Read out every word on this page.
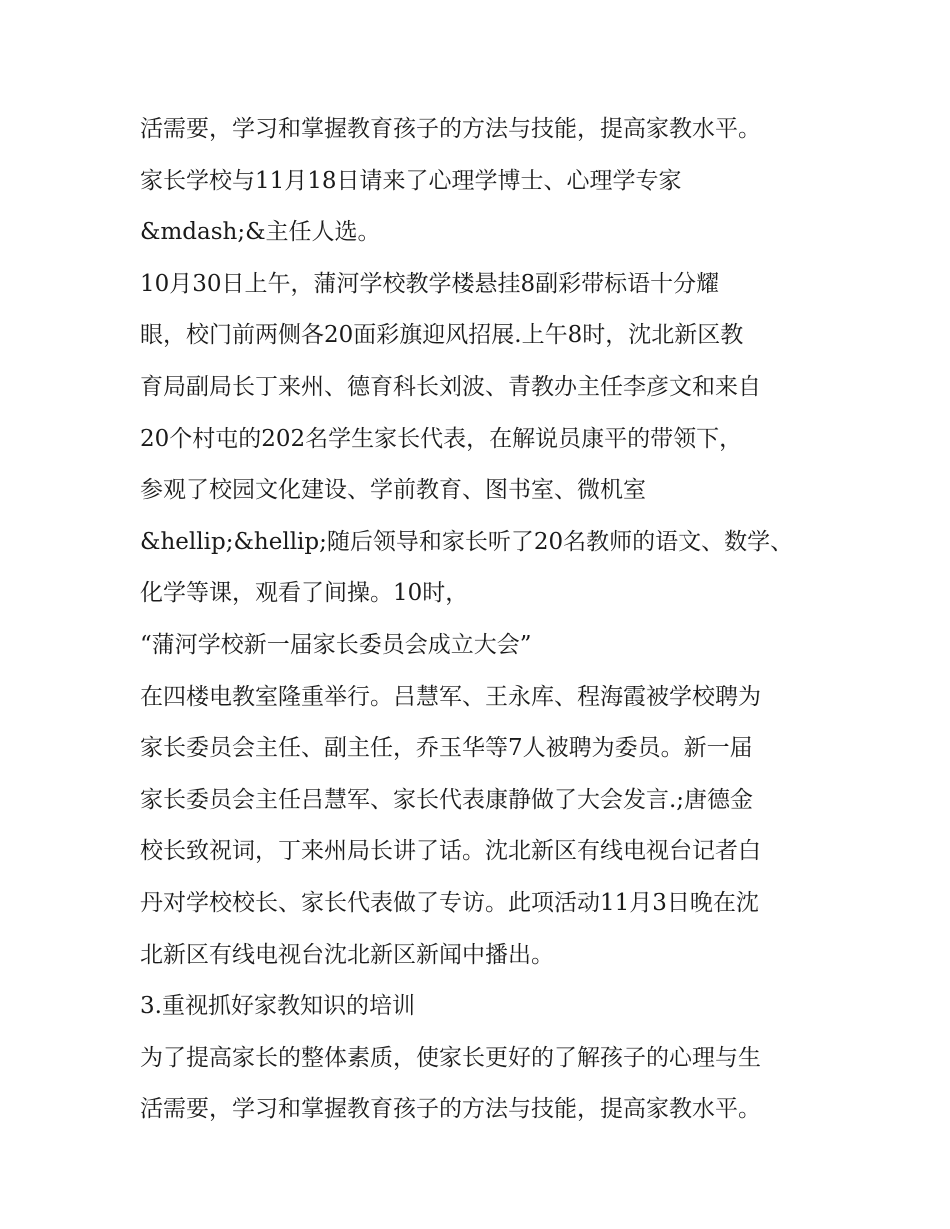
活需要，学习和掌握教育孩子的方法与技能，提高家教水平。

家长学校与11月18日请来了心理学博士、心理学专家

&mdash;&主任人选。

10月30日上午，蒲河学校教学楼悬挂8副彩带标语十分耀

眼，校门前两侧各20面彩旗迎风招展.上午8时，沈北新区教

育局副局长丁来州、德育科长刘波、青教办主任李彦文和来自

20个村屯的202名学生家长代表，在解说员康平的带领下，

参观了校园文化建设、学前教育、图书室、微机室

&hellip;&hellip;随后领导和家长听了20名教师的语文、数学、

化学等课，观看了间操。10时，

“蒲河学校新一届家长委员会成立大会”

在四楼电教室隆重举行。吕慧军、王永库、程海霞被学校聘为

家长委员会主任、副主任，乔玉华等7人被聘为委员。新一届

家长委员会主任吕慧军、家长代表康静做了大会发言.;唐德金

校长致祝词，丁来州局长讲了话。沈北新区有线电视台记者白

丹对学校校长、家长代表做了专访。此项活动11月3日晚在沈

北新区有线电视台沈北新区新闻中播出。

3.重视抓好家教知识的培训

为了提高家长的整体素质，使家长更好的了解孩子的心理与生

活需要，学习和掌握教育孩子的方法与技能，提高家教水平。
